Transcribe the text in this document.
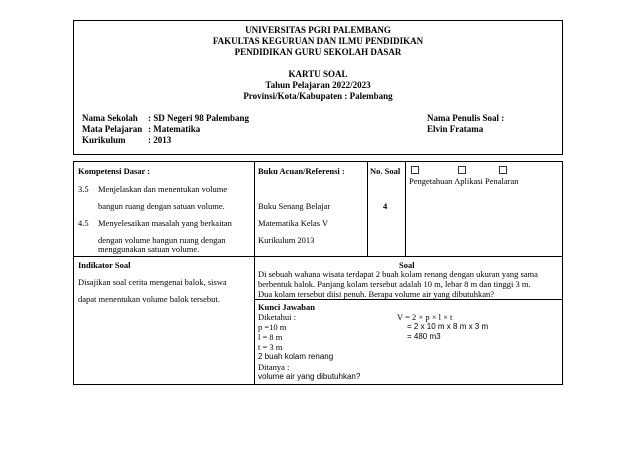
UNIVERSITAS PGRI PALEMBANG
FAKULTAS KEGURUAN DAN ILMU PENDIDIKAN
PENDIDIKAN GURU SEKOLAH DASAR
KARTU SOAL
Tahun Pelajaran 2022/2023
Provinsi/Kota/Kabupaten : Palembang
Nama Sekolah : SD Negeri 98 Palembang
Mata Pelajaran : Matematika
Kurikulum : 2013
Nama Penulis Soal :
Elvin Fratama
Kompetensi Dasar :
3.5 Menjelaskan dan menentukan volume
bangun ruang dengan satuan volume.
4.5 Menyelesaikan masalah yang berkaitan
dengan volume bangun ruang dengan
menggunakan satuan volume.
Buku Acuan/Referensi :
Buku Senang Belajar
Matematika Kelas V
Kurikulum 2013
No. Soal
4
Pengetahuan Aplikasi Penalaran
Indikator Soal
Disajikan soal cerita mengenai balok, siswa
dapat menentukan volume balok tersebut.
Soal
Di sebuah wahana wisata terdapat 2 buah kolam renang dengan ukuran yang sama
berbentuk balok. Panjang kolam tersebut adalah 10 m, lebar 8 m dan tinggi 3 m.
Dua kolam tersebut diisi penuh. Berapa volume air yang dibutuhkan?
Kunci Jawaban
Diketahui :
p =10 m
l = 8 m
t = 3 m
2 buah kolam renang
Ditanya :
volume air yang dibutuhkan?
V = 2 × p × l × t
= 2 x 10 m x 8 m x 3 m
= 480 m3
